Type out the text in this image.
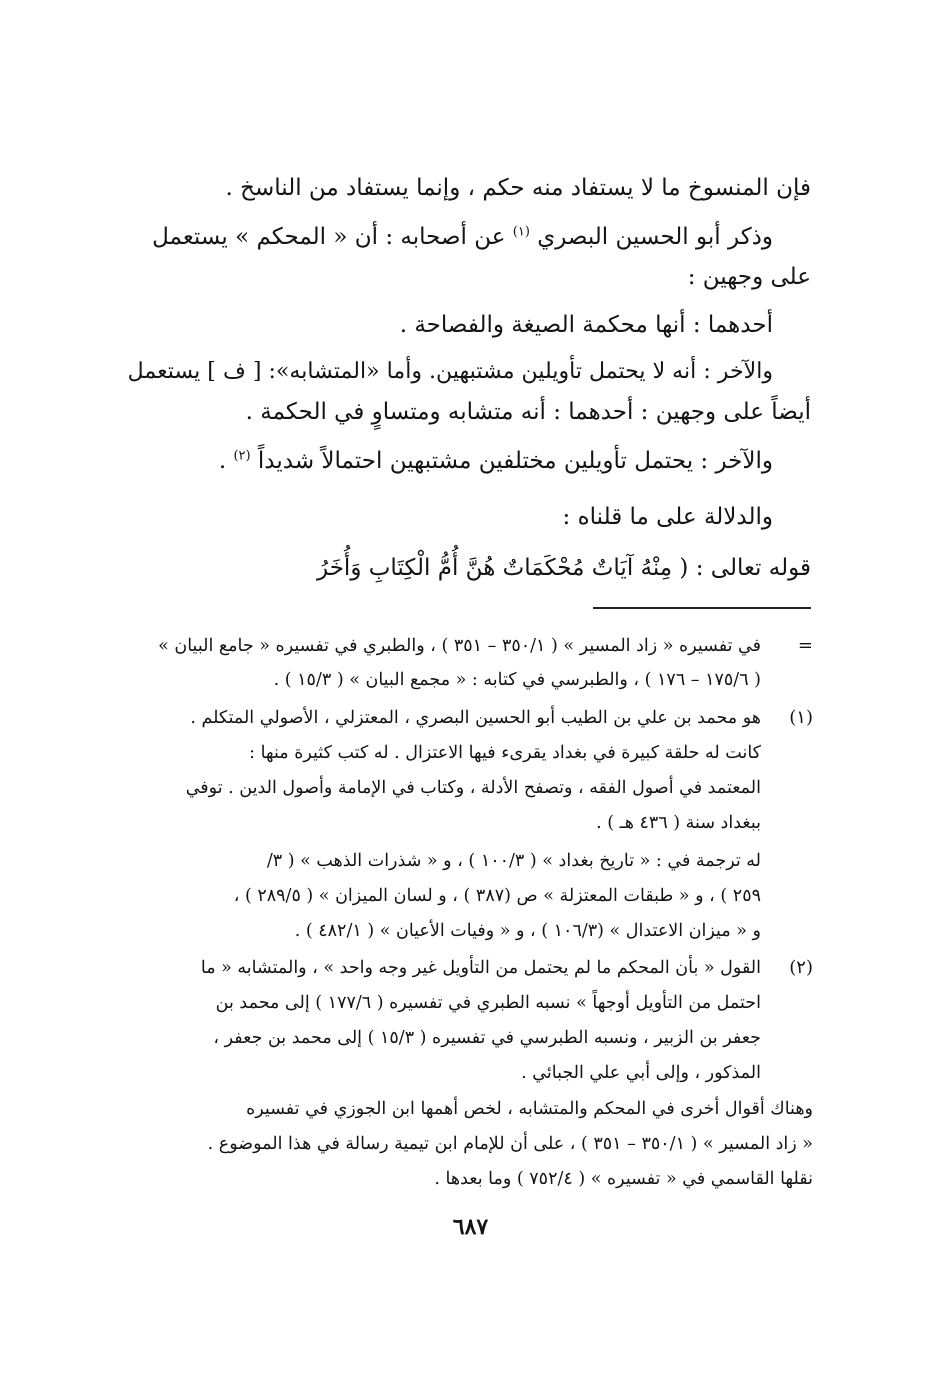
فإن المنسوخ ما لا يستفاد منه حكم ، وإنما يستفاد من الناسخ .
وذكر أبو الحسين البصري $^{(١)}$ عن أصحابه : أن « المحكم » يستعمل
على وجهين :
أحدهما : أنها محكمة الصيغة والفصاحة .
والآخر : أنه لا يحتمل تأويلين مشتبهين. وأما «المتشابه»: [ ف ] يستعمل
أيضاً على وجهين : أحدهما : أنه متشابه ومتساوٍ في الحكمة .
والآخر : يحتمل تأويلين مختلفين مشتبهين احتمالاً شديداً $^{(٢)}$ .
والدلالة على ما قلناه :
قوله تعالى : ( مِنْهُ آيَاتٌ مُحْكَمَاتٌ هُنَّ أُمُّ الْكِتَابِ وَأُخَرُ
=
في تفسيره « زاد المسير » ( ٣٥٠/١ – ٣٥١ ) ، والطبري في تفسيره « جامع البيان »
( ١٧٥/٦ – ١٧٦ ) ، والطبرسي في كتابه : « مجمع البيان » ( ١٥/٣ ) .
(١)
هو محمد بن علي بن الطيب أبو الحسين البصري ، المعتزلي ، الأصولي المتكلم .
كانت له حلقة كبيرة في بغداد يقرىء فيها الاعتزال . له كتب كثيرة منها :
المعتمد في أصول الفقه ، وتصفح الأدلة ، وكتاب في الإمامة وأصول الدين . توفي
ببغداد سنة ( ٤٣٦ هـ ) .
له ترجمة في : « تاريخ بغداد » ( ١٠٠/٣ ) ، و « شذرات الذهب » ( ٣/
٢٥٩ ) ، و « طبقات المعتزلة » ص (٣٨٧ ) ، و لسان الميزان » ( ٢٨٩/٥ ) ،
و « ميزان الاعتدال » (١٠٦/٣ ) ، و « وفيات الأعيان » ( ٤٨٢/١ ) .
(٢)
القول « بأن المحكم ما لم يحتمل من التأويل غير وجه واحد » ، والمتشابه « ما
احتمل من التأويل أوجهاً » نسبه الطبري في تفسيره ( ١٧٧/٦ ) إلى محمد بن
جعفر بن الزبير ، ونسبه الطبرسي في تفسيره ( ١٥/٣ ) إلى محمد بن جعفر ،
المذكور ، وإلى أبي علي الجبائي .
وهناك أقوال أخرى في المحكم والمتشابه ، لخص أهمها ابن الجوزي في تفسيره
« زاد المسير » ( ٣٥٠/١ – ٣٥١ ) ، على أن للإمام ابن تيمية رسالة في هذا الموضوع .
نقلها القاسمي في « تفسيره » ( ٧٥٢/٤ ) وما بعدها .
٦٨٧
